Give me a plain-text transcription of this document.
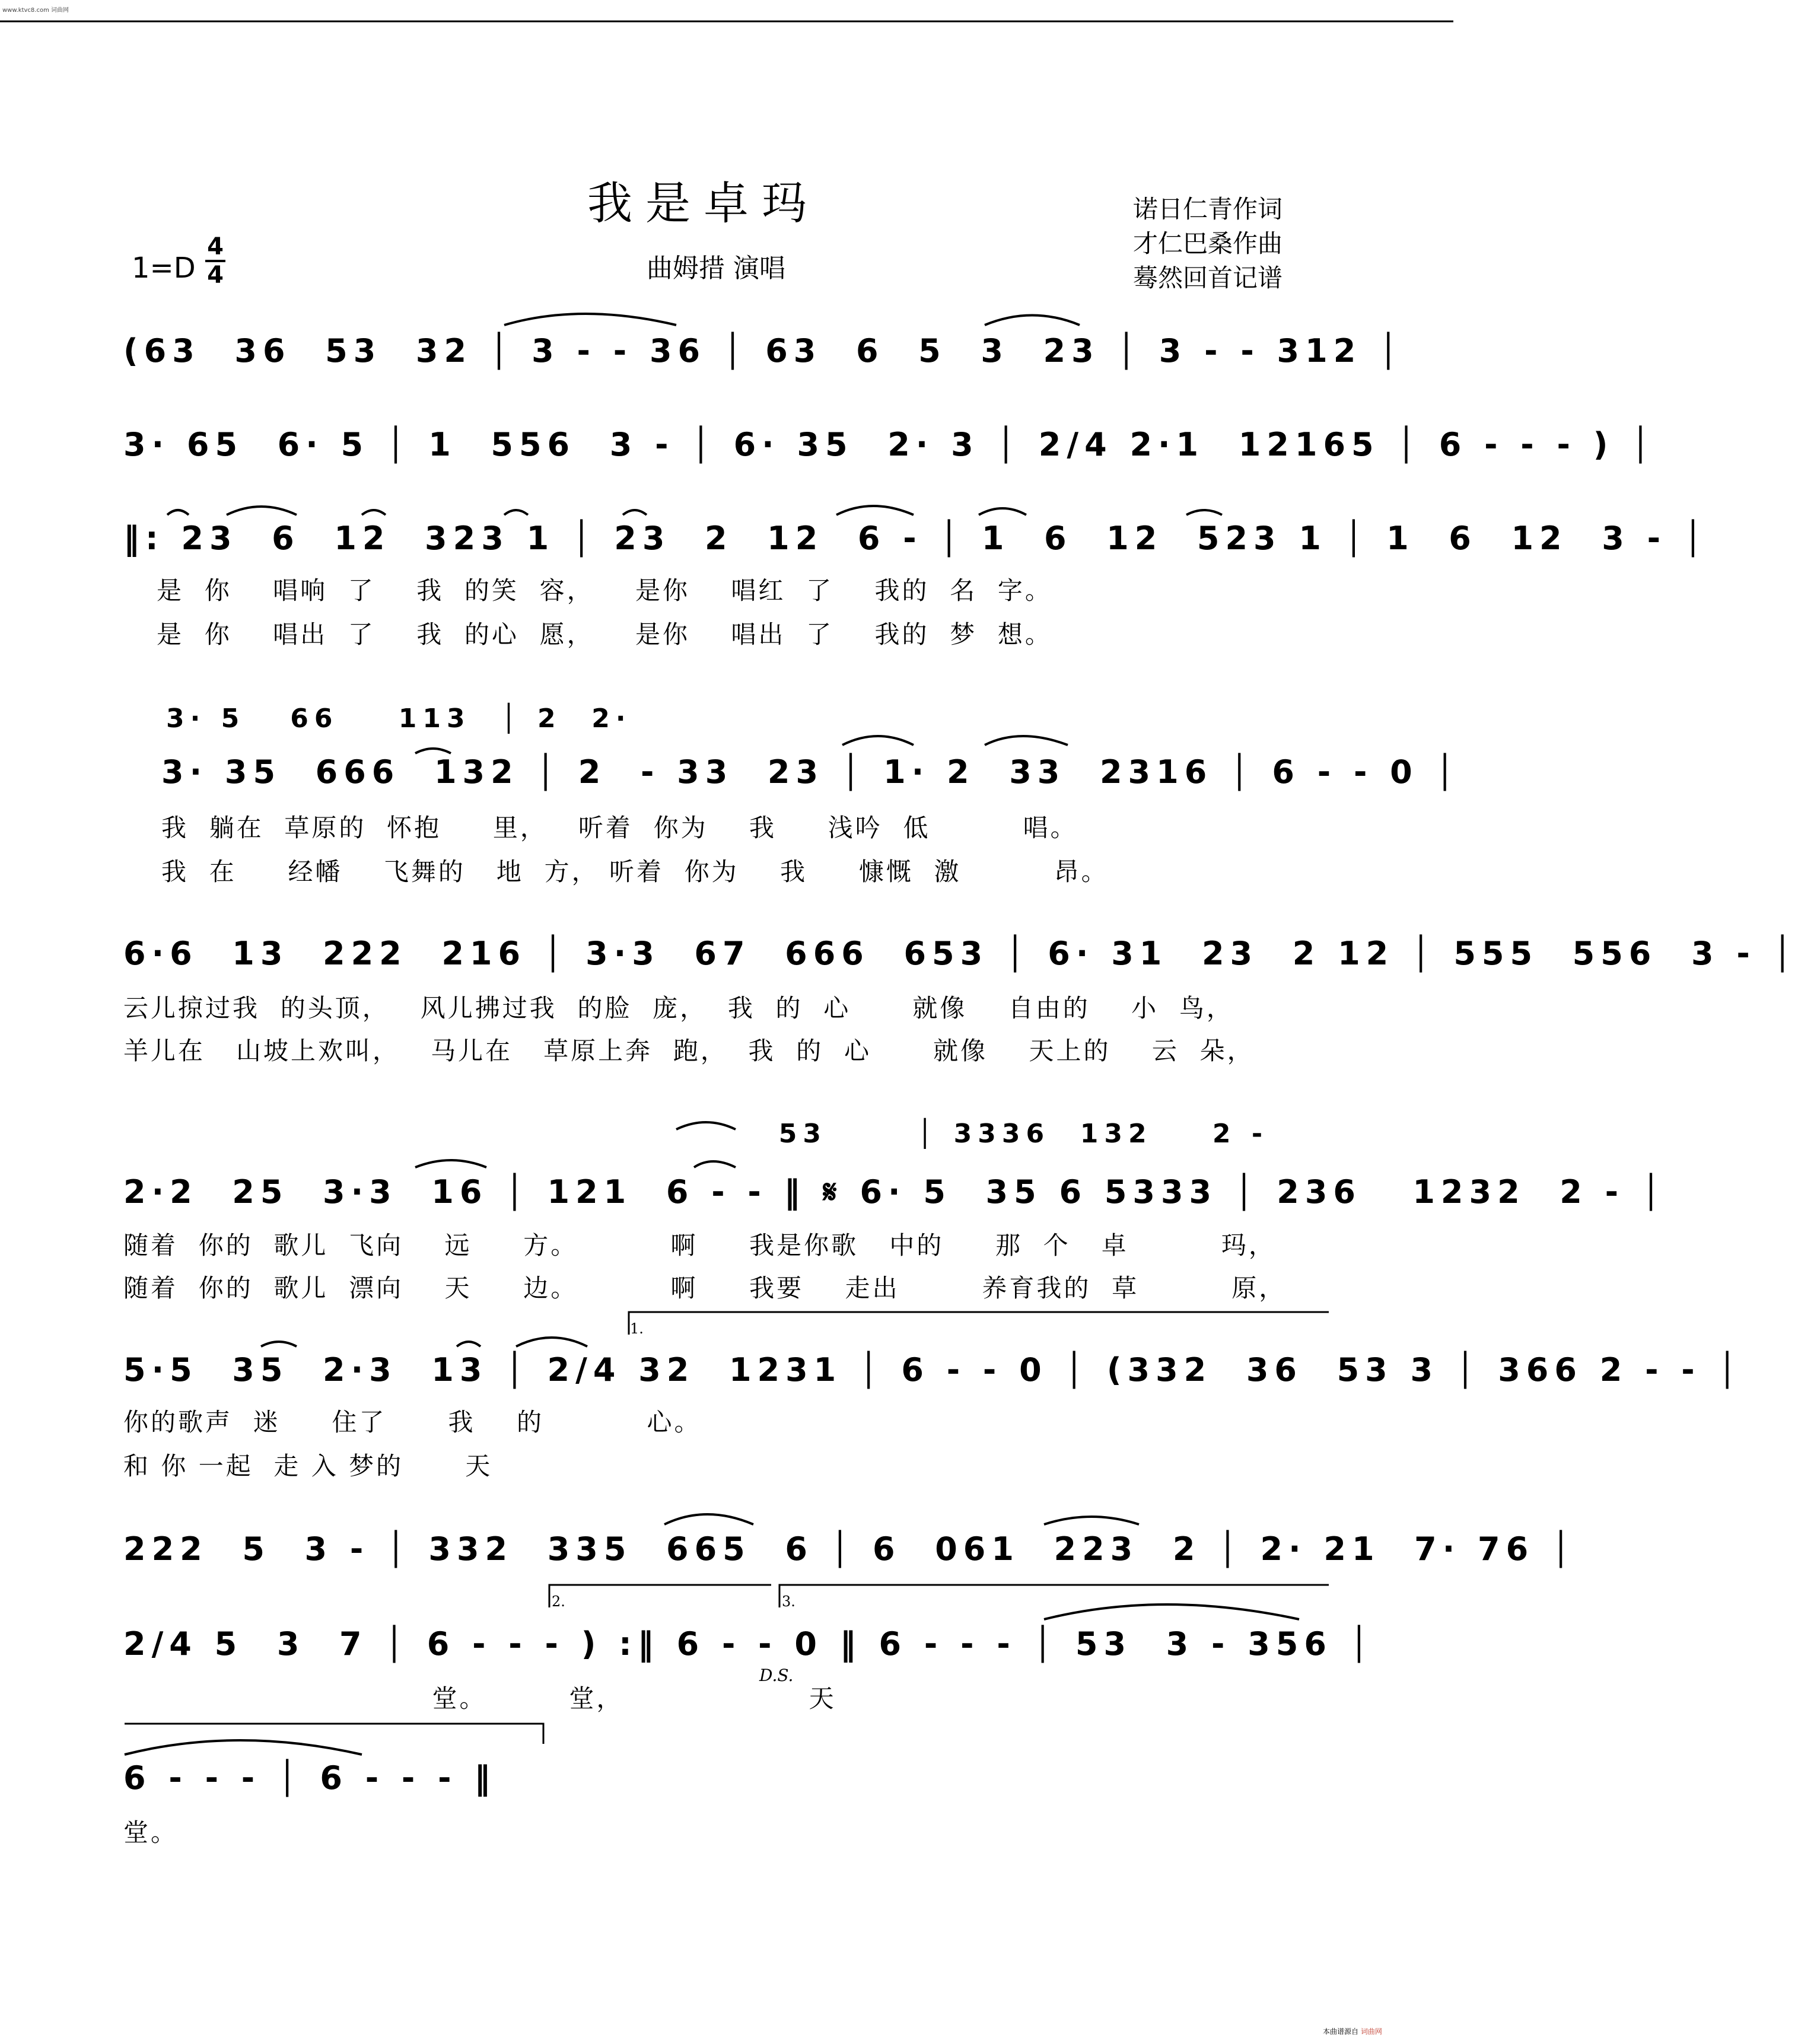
www.ktvc8.com 词曲网
我是卓玛
曲姆措 演唱
诺日仁青作词
才仁巴桑作曲
蓦然回首记谱
1=D
4
4
(63  36  53  32 │ 3 - - 36 │ 63  6  5  3  23 │ 3 - - 312 │
3· 65  6· 5 │ 1  556  3 - │ 6· 35  2· 3 │ 2/4 2·1  12165 │ 6 - - - ) │
‖: 23  6  12  323 1 │ 23  2  12  6 - │ 1  6  12  523 1 │ 1  6  12  3 - │
是  你    唱响  了    我  的笑  容，    是你    唱红  了    我的  名  字。
是  你    唱出  了    我  的心  愿，    是你    唱出  了    我的  梦  想。
3· 5   66    113  │ 2  2·
3· 35  666  132 │ 2  - 33  23 │ 1· 2  33  2316 │ 6 - - 0 │
我  躺在  草原的  怀抱     里，   听着  你为    我     浅吟  低         唱。
我  在     经幡    飞舞的   地  方， 听着  你为    我     慷慨  激         昂。
6·6  13  222  216 │ 3·3  67  666  653 │ 6· 31  23  2 12 │ 555  556  3 - │
云儿掠过我  的头顶，   风儿拂过我  的脸  庞，  我  的  心      就像    自由的    小  鸟，
羊儿在   山坡上欢叫，   马儿在   草原上奔  跑，  我  的  心      就像    天上的    云  朵，
53      │ 3336  132    2 -
2·2  25  3·3  16 │ 121  6 - - ‖ 𝄋 6· 5  35 6 5333 │ 236   1232  2 - │
随着  你的  歌儿  飞向    远     方。         啊     我是你歌   中的     那  个   卓         玛，
随着  你的  歌儿  漂向    天     边。         啊     我要    走出        养育我的  草         原，
5·5  35  2·3  13 │ 2/4 32  1231 │ 6 - - 0 │ (332  36  53 3 │ 366 2 - - │
你的歌声  迷     住了      我    的          心。
和 你 一起  走 入 梦的      天
222  5  3 - │ 332  335  665  6 │ 6  061  223  2 │ 2· 21  7· 76 │
2/4 5  3  7 │ 6 - - - ) :‖ 6 - - 0 ‖ 6 - - - │ 53  3 - 356 │
堂。        堂，                  天
6 - - - │ 6 - - - ‖
堂。
1.
2.	3.
D.S.
本曲谱源自 词曲网
